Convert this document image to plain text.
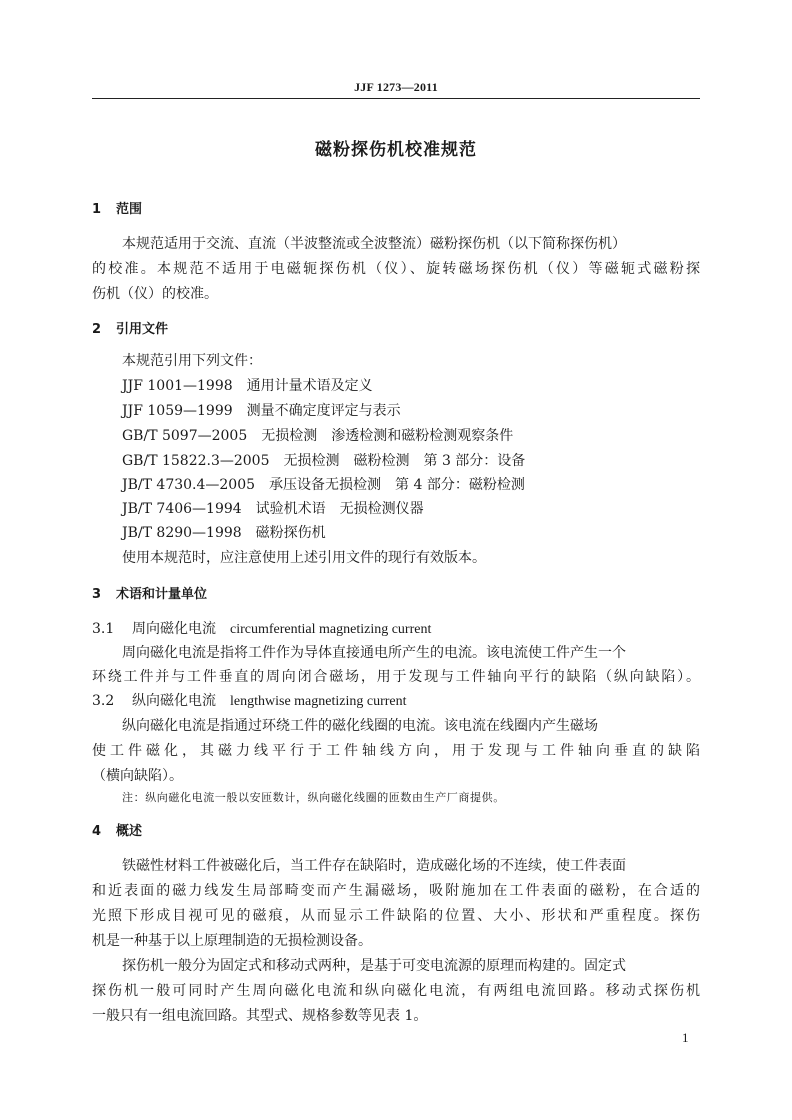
JJF 1273—2011
磁粉探伤机校准规范
1 范围
本规范适用于交流、直流（半波整流或全波整流）磁粉探伤机（以下简称探伤机）
的校准。本规范不适用于电磁轭探伤机（仪）、旋转磁场探伤机（仪）等磁轭式磁粉探
伤机（仪）的校准。
2 引用文件
本规范引用下列文件：
JJF 1001—1998 通用计量术语及定义
JJF 1059—1999 测量不确定度评定与表示
GB/T 5097—2005 无损检测　渗透检测和磁粉检测观察条件
GB/T 15822.3—2005 无损检测　磁粉检测　第 3 部分：设备
JB/T 4730.4—2005 承压设备无损检测　第 4 部分：磁粉检测
JB/T 7406—1994 试验机术语　无损检测仪器
JB/T 8290—1998 磁粉探伤机
使用本规范时，应注意使用上述引用文件的现行有效版本。
3 术语和计量单位
3.1 周向磁化电流 circumferential magnetizing current
周向磁化电流是指将工件作为导体直接通电所产生的电流。该电流使工件产生一个
环绕工件并与工件垂直的周向闭合磁场，用于发现与工件轴向平行的缺陷（纵向缺陷）。
3.2 纵向磁化电流 lengthwise magnetizing current
纵向磁化电流是指通过环绕工件的磁化线圈的电流。该电流在线圈内产生磁场
使工件磁化，其磁力线平行于工件轴线方向，用于发现与工件轴向垂直的缺陷
（横向缺陷）。
注：纵向磁化电流一般以安匝数计，纵向磁化线圈的匝数由生产厂商提供。
4 概述
铁磁性材料工件被磁化后，当工件存在缺陷时，造成磁化场的不连续，使工件表面
和近表面的磁力线发生局部畸变而产生漏磁场，吸附施加在工件表面的磁粉，在合适的
光照下形成目视可见的磁痕，从而显示工件缺陷的位置、大小、形状和严重程度。探伤
机是一种基于以上原理制造的无损检测设备。
探伤机一般分为固定式和移动式两种，是基于可变电流源的原理而构建的。固定式
探伤机一般可同时产生周向磁化电流和纵向磁化电流，有两组电流回路。移动式探伤机
一般只有一组电流回路。其型式、规格参数等见表 1。
1
